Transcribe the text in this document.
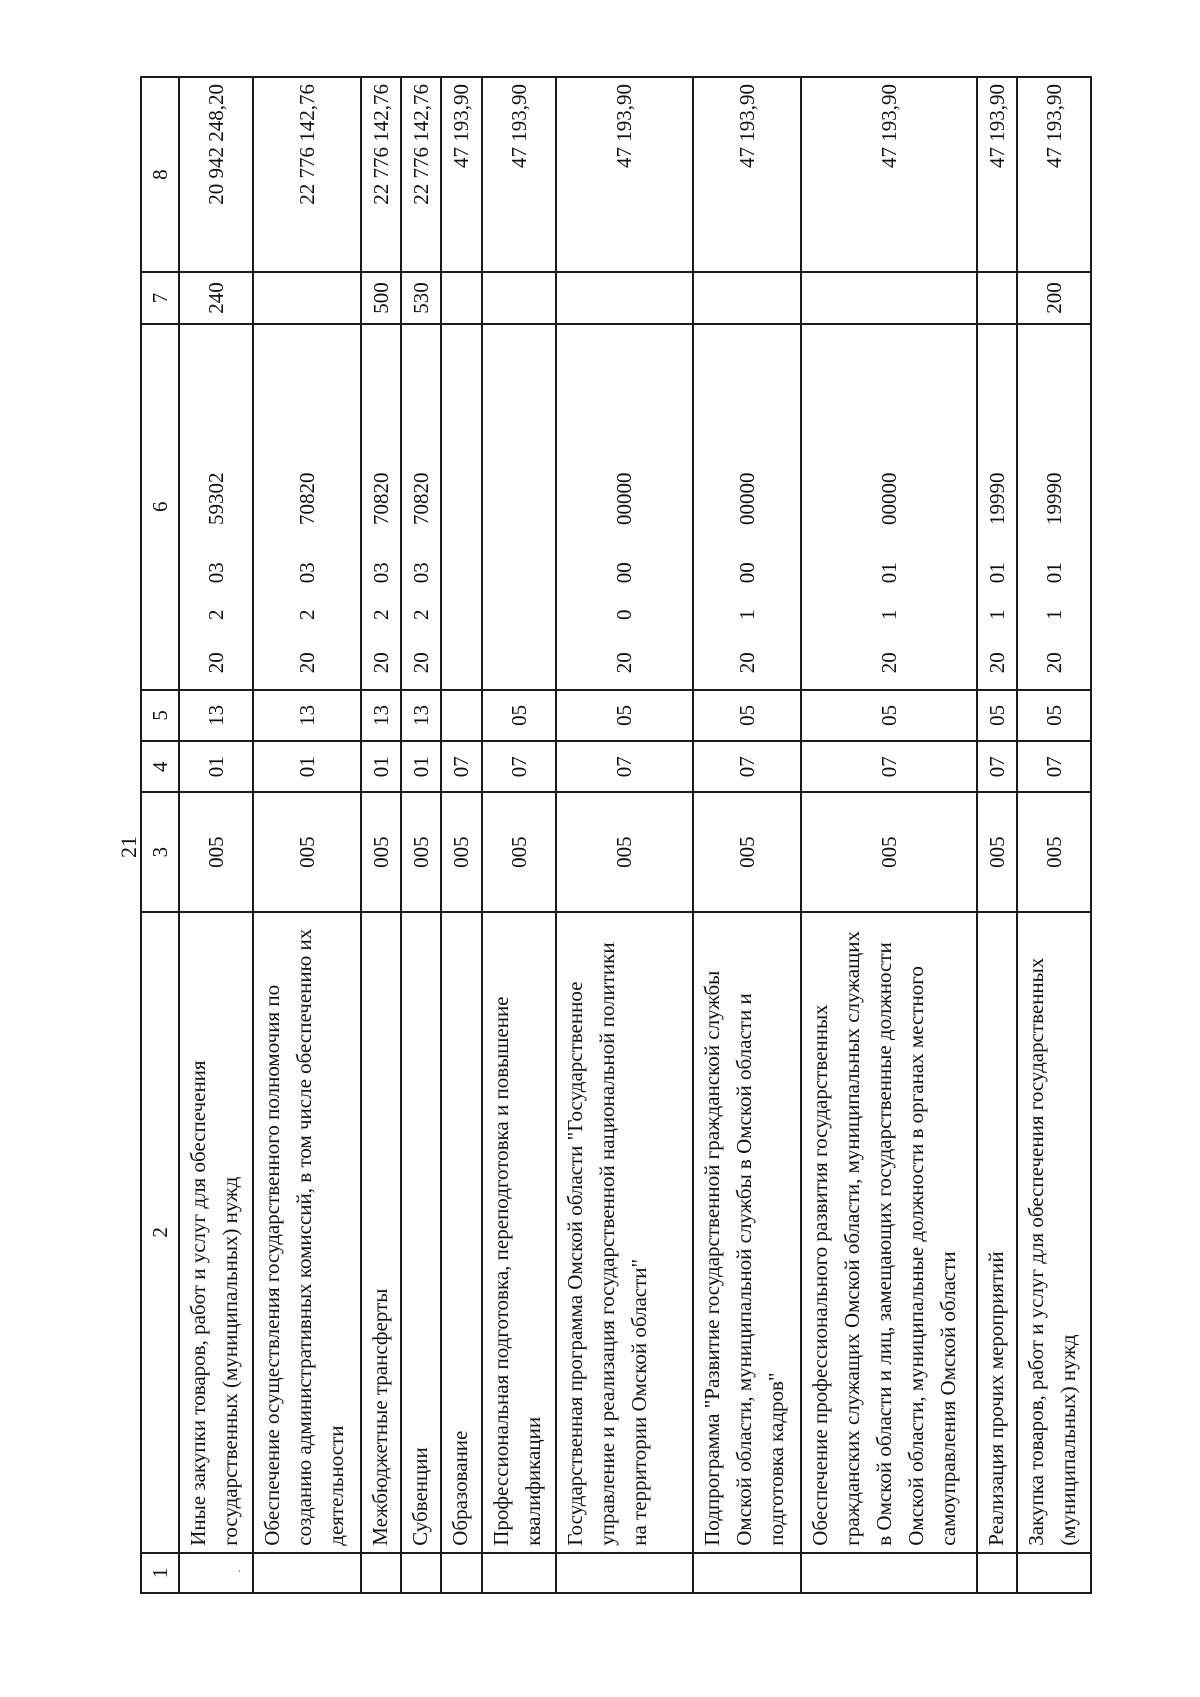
21
·
1	2	3	4	5	6	7	8
	Иные закупки товаров, работ и услуг для обеспечения государственных (муниципальных) нужд	005	01	13	2020359302	240	20 942 248,20
	Обеспечение осуществления государственного полномочия по созданию административных комиссий, в том числе обеспечению их деятельности	005	01	13	2020370820		22 776 142,76
	Межбюджетные трансферты	005	01	13	2020370820	500	22 776 142,76
	Субвенции	005	01	13	2020370820	530	22 776 142,76
	Образование	005	07				47 193,90
	Профессиональная подготовка, переподготовка и повышение квалификации	005	07	05			47 193,90
	Государственная программа Омской области "Государственное управление и реализация государственной национальной политики на территории Омской области"	005	07	05	2000000000		47 193,90
	Подпрограмма "Развитие государственной гражданской службы Омской области, муниципальной службы в Омской области и подготовка кадров"	005	07	05	2010000000		47 193,90
	Обеспечение профессионального развития государственных гражданских служащих Омской области, муниципальных служащих в Омской области и лиц, замещающих государственные должности Омской области, муниципальные должности в органах местного самоуправления Омской области	005	07	05	2010100000		47 193,90
	Реализация прочих мероприятий	005	07	05	2010119990		47 193,90
	Закупка товаров, работ и услуг для обеспечения государственных (муниципальных) нужд	005	07	05	2010119990	200	47 193,90
